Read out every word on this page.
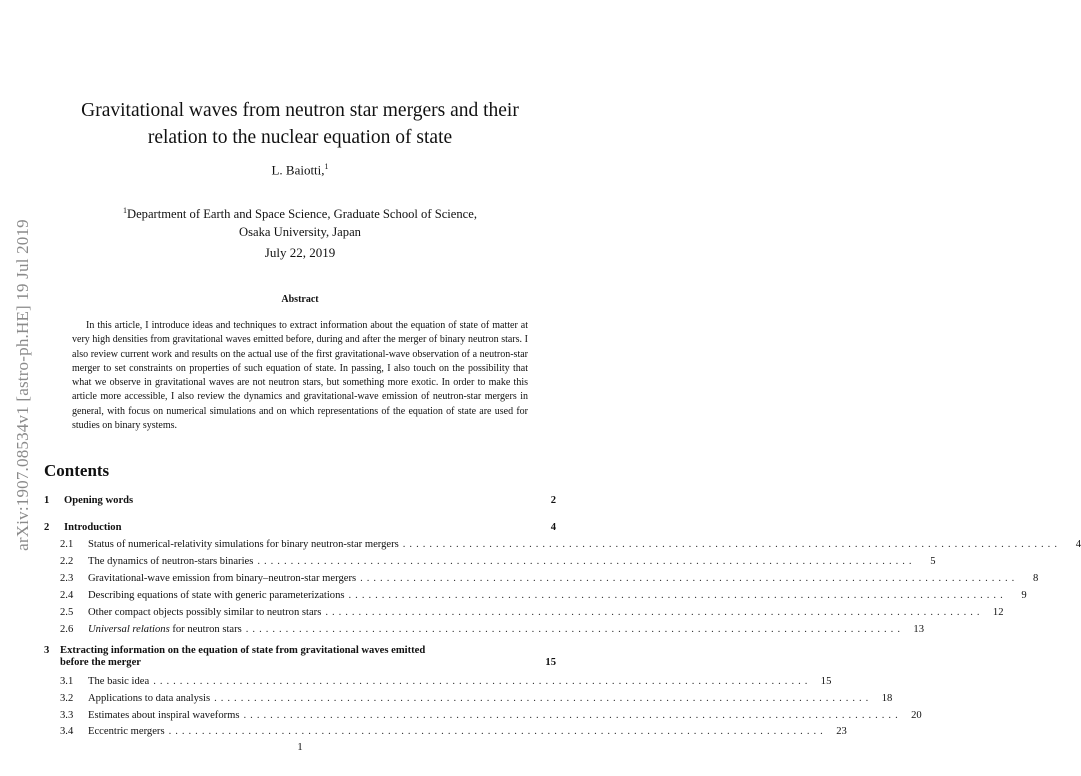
arXiv:1907.08534v1 [astro-ph.HE] 19 Jul 2019
Gravitational waves from neutron star mergers and their
relation to the nuclear equation of state
L. Baiotti,$^1$
$^1$Department of Earth and Space Science, Graduate School of Science,
Osaka University, Japan
July 22, 2019
Abstract
In this article, I introduce ideas and techniques to extract information about the equation of state of matter at very high densities from gravitational waves emitted before, during and after the merger of binary neutron stars. I also review current work and results on the actual use of the first gravitational-wave observation of a neutron-star merger to set constraints on properties of such equation of state. In passing, I also touch on the possibility that what we observe in gravitational waves are not neutron stars, but something more exotic. In order to make this article more accessible, I also review the dynamics and gravitational-wave emission of neutron-star mergers in general, with focus on numerical simulations and on which representations of the equation of state are used for studies on binary systems.
Contents
1	Opening words	2
2	Introduction	4
2.1	Status of numerical-relativity simulations for binary neutron-star mergers ...................................................................................................	4
2.2	The dynamics of neutron-stars binaries ...................................................................................................	5
2.3	Gravitational-wave emission from binary–neutron-star mergers ...................................................................................................	8
2.4	Describing equations of state with generic parameterizations ...................................................................................................	9
2.5	Other compact objects possibly similar to neutron stars ................................................................................................... 12
2.6	Universal relations for neutron stars ................................................................................................... 13
3	Extracting information on the equation of state from gravitational waves emitted
before the merger	15
3.1	The basic idea ................................................................................................... 15
3.2	Applications to data analysis ................................................................................................... 18
3.3	Estimates about inspiral waveforms ................................................................................................... 20
3.4	Eccentric mergers ................................................................................................... 23
1
